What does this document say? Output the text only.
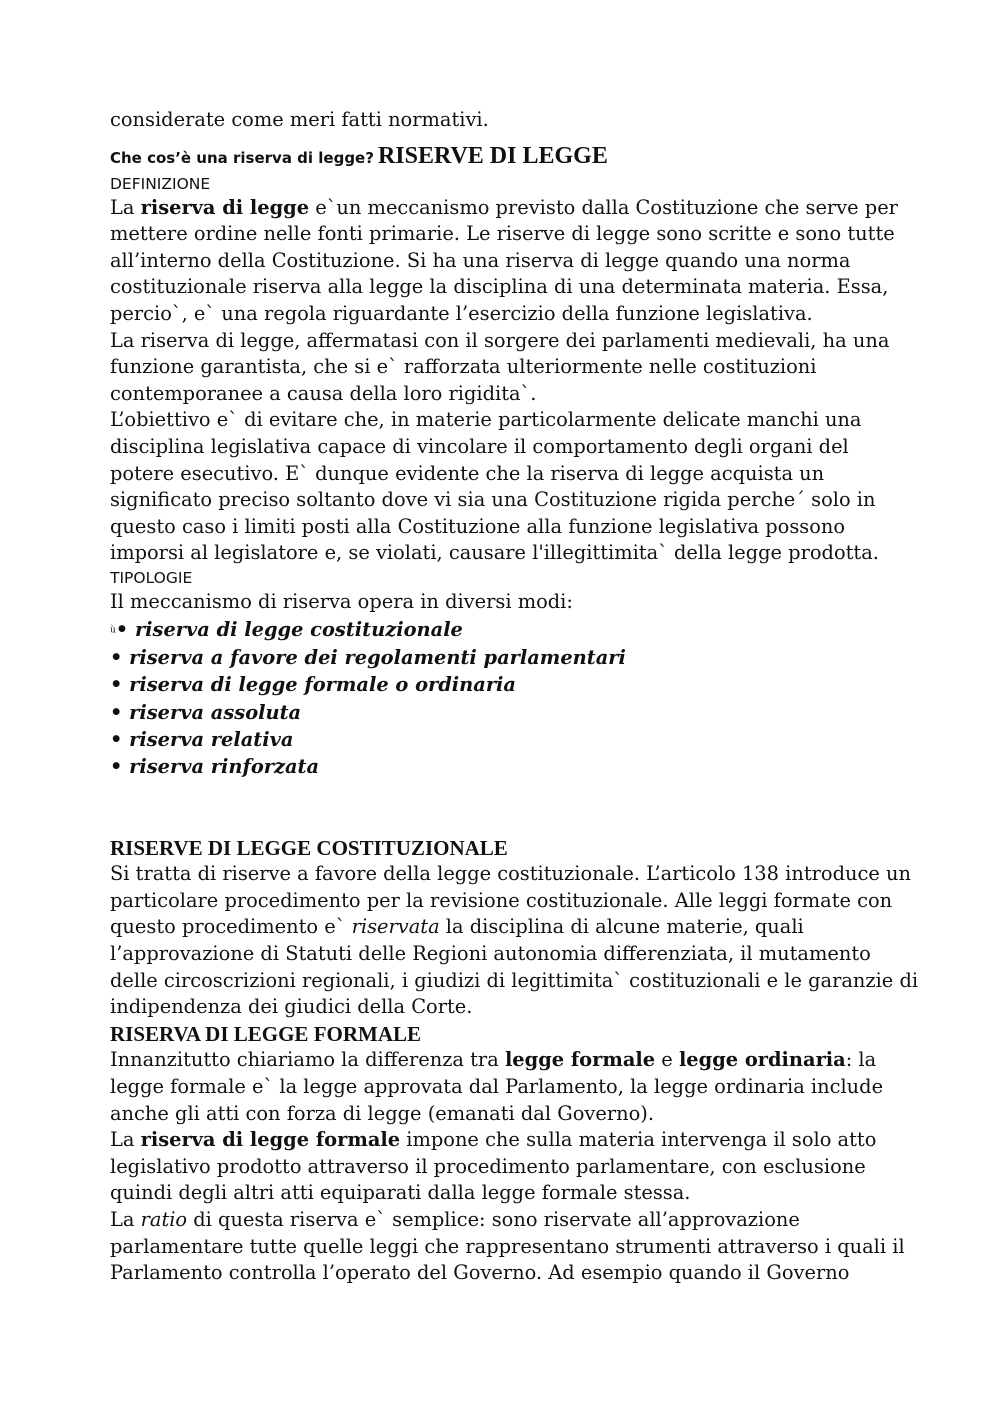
considerate come meri fatti normativi.

Che cos’è una riserva di legge? RISERVE DI LEGGE

DEFINIZIONE

La riserva di legge e`un meccanismo previsto dalla Costituzione che serve per

mettere ordine nelle fonti primarie. Le riserve di legge sono scritte e sono tutte

all’interno della Costituzione. Si ha una riserva di legge quando una norma

costituzionale riserva alla legge la disciplina di una determinata materia. Essa,

percio`, e` una regola riguardante l’esercizio della funzione legislativa.

La riserva di legge, affermatasi con il sorgere dei parlamenti medievali, ha una

funzione garantista, che si e` rafforzata ulteriormente nelle costituzioni

contemporanee a causa della loro rigidita`.

L’obiettivo e` di evitare che, in materie particolarmente delicate manchi una

disciplina legislativa capace di vincolare il comportamento degli organi del

potere esecutivo. E` dunque evidente che la riserva di legge acquista un

significato preciso soltanto dove vi sia una Costituzione rigida perche´ solo in

questo caso i limiti posti alla Costituzione alla funzione legislativa possono

imporsi al legislatore e, se violati, causare l'illegittimita` della legge prodotta.

TIPOLOGIE

Il meccanismo di riserva opera in diversi modi:

ù• riserva di legge costituzionale
• riserva a favore dei regolamenti parlamentari
• riserva di legge formale o ordinaria
• riserva assoluta
• riserva relativa
• riserva rinforzata

RISERVE DI LEGGE COSTITUZIONALE

Si tratta di riserve a favore della legge costituzionale. L’articolo 138 introduce un

particolare procedimento per la revisione costituzionale. Alle leggi formate con

questo procedimento e` riservata la disciplina di alcune materie, quali

l’approvazione di Statuti delle Regioni autonomia differenziata, il mutamento

delle circoscrizioni regionali, i giudizi di legittimita` costituzionali e le garanzie di

indipendenza dei giudici della Corte.

RISERVA DI LEGGE FORMALE

Innanzitutto chiariamo la differenza tra legge formale e legge ordinaria: la

legge formale e` la legge approvata dal Parlamento, la legge ordinaria include

anche gli atti con forza di legge (emanati dal Governo).

La riserva di legge formale impone che sulla materia intervenga il solo atto

legislativo prodotto attraverso il procedimento parlamentare, con esclusione

quindi degli altri atti equiparati dalla legge formale stessa.

La ratio di questa riserva e` semplice: sono riservate all’approvazione

parlamentare tutte quelle leggi che rappresentano strumenti attraverso i quali il

Parlamento controlla l’operato del Governo. Ad esempio quando il Governo
